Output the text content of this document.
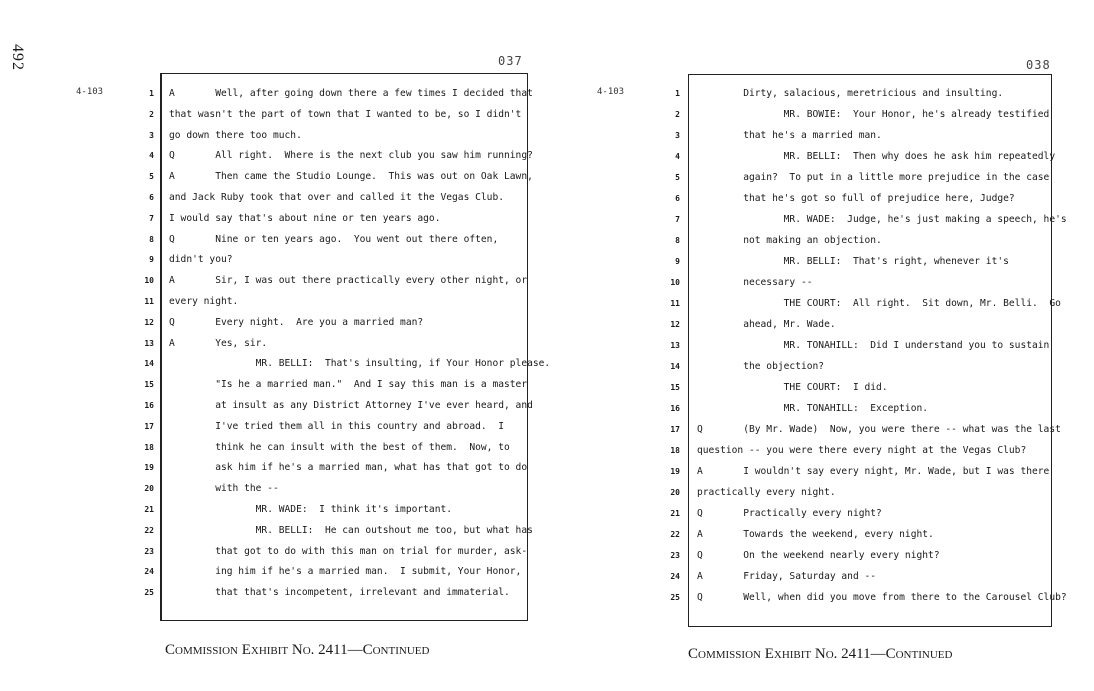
492
4-103
037
1 A       Well, after going down there a few times I decided that
2 that wasn't the part of town that I wanted to be, so I didn't
3 go down there too much.
4 Q       All right.  Where is the next club you saw him running?
5 A       Then came the Studio Lounge.  This was out on Oak Lawn,
6 and Jack Ruby took that over and called it the Vegas Club.
7 I would say that's about nine or ten years ago.
8 Q       Nine or ten years ago.  You went out there often,
9 didn't you?
10 A       Sir, I was out there practically every other night, or
11 every night.
12 Q       Every night.  Are you a married man?
13 A       Yes, sir.
14 MR. BELLI:  That's insulting, if Your Honor please.
15 "Is he a married man."  And I say this man is a master
16 at insult as any District Attorney I've ever heard, and
17 I've tried them all in this country and abroad.  I
18 think he can insult with the best of them.  Now, to
19 ask him if he's a married man, what has that got to do
20 with the --
21 MR. WADE:  I think it's important.
22 MR. BELLI:  He can outshout me too, but what has
23 that got to do with this man on trial for murder, ask-
24 ing him if he's a married man.  I submit, Your Honor,
25 that that's incompetent, irrelevant and immaterial.
Commission Exhibit No. 2411—Continued
4-103
038
1 Dirty, salacious, meretricious and insulting.
2 MR. BOWIE:  Your Honor, he's already testified
3 that he's a married man.
4 MR. BELLI:  Then why does he ask him repeatedly
5 again?  To put in a little more prejudice in the case
6 that he's got so full of prejudice here, Judge?
7 MR. WADE:  Judge, he's just making a speech, he's
8 not making an objection.
9 MR. BELLI:  That's right, whenever it's
10 necessary --
11 THE COURT:  All right.  Sit down, Mr. Belli.  Go
12 ahead, Mr. Wade.
13 MR. TONAHILL:  Did I understand you to sustain
14 the objection?
15 THE COURT:  I did.
16 MR. TONAHILL:  Exception.
17 Q       (By Mr. Wade)  Now, you were there -- what was the last
18 question -- you were there every night at the Vegas Club?
19 A       I wouldn't say every night, Mr. Wade, but I was there
20 practically every night.
21 Q       Practically every night?
22 A       Towards the weekend, every night.
23 Q       On the weekend nearly every night?
24 A       Friday, Saturday and --
25 Q       Well, when did you move from there to the Carousel Club?
Commission Exhibit No. 2411—Continued
